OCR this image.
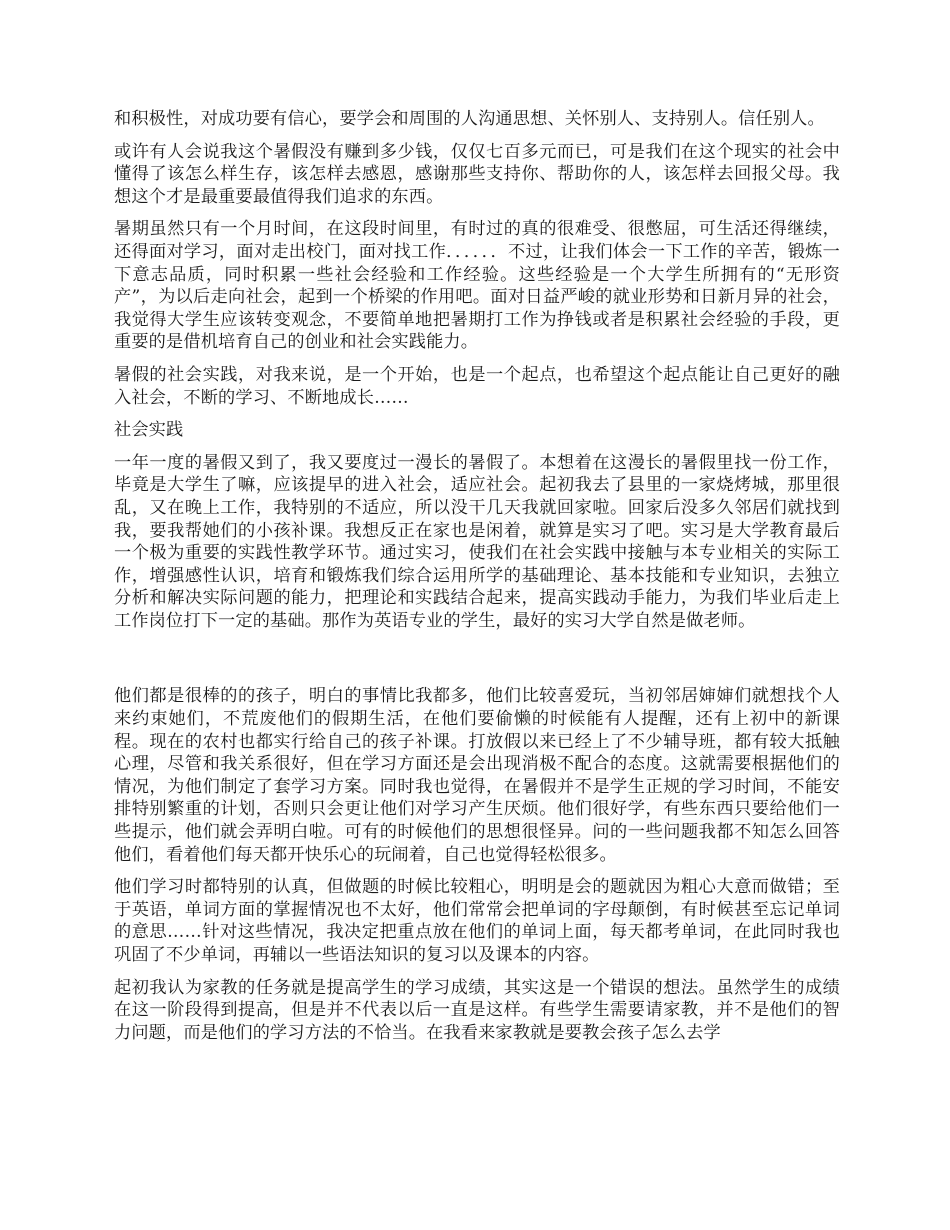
和积极性，对成功要有信心，要学会和周围的人沟通思想、关怀别人、支持别人。信任别人。

或许有人会说我这个暑假没有赚到多少钱，仅仅七百多元而已，可是我们在这个现实的社会中懂得了该怎么样生存，该怎样去感恩，感谢那些支持你、帮助你的人，该怎样去回报父母。我想这个才是最重要最值得我们追求的东西。

暑期虽然只有一个月时间，在这段时间里，有时过的真的很难受、很憋屈，可生活还得继续，还得面对学习，面对走出校门，面对找工作．．．．．．不过，让我们体会一下工作的辛苦，锻炼一下意志品质，同时积累一些社会经验和工作经验。这些经验是一个大学生所拥有的“无形资产”，为以后走向社会，起到一个桥梁的作用吧。面对日益严峻的就业形势和日新月异的社会，我觉得大学生应该转变观念，不要简单地把暑期打工作为挣钱或者是积累社会经验的手段，更重要的是借机培育自己的创业和社会实践能力。

暑假的社会实践，对我来说，是一个开始，也是一个起点，也希望这个起点能让自己更好的融入社会，不断的学习、不断地成长……

社会实践

一年一度的暑假又到了，我又要度过一漫长的暑假了。本想着在这漫长的暑假里找一份工作，毕竟是大学生了嘛，应该提早的进入社会，适应社会。起初我去了县里的一家烧烤城，那里很乱，又在晚上工作，我特别的不适应，所以没干几天我就回家啦。回家后没多久邻居们就找到我，要我帮她们的小孩补课。我想反正在家也是闲着，就算是实习了吧。实习是大学教育最后一个极为重要的实践性教学环节。通过实习，使我们在社会实践中接触与本专业相关的实际工作，增强感性认识，培育和锻炼我们综合运用所学的基础理论、基本技能和专业知识，去独立分析和解决实际问题的能力，把理论和实践结合起来，提高实践动手能力，为我们毕业后走上工作岗位打下一定的基础。那作为英语专业的学生，最好的实习大学自然是做老师。

他们都是很棒的的孩子，明白的事情比我都多，他们比较喜爱玩，当初邻居婶婶们就想找个人来约束她们，不荒废他们的假期生活，在他们要偷懒的时候能有人提醒，还有上初中的新课程。现在的农村也都实行给自己的孩子补课。打放假以来已经上了不少辅导班，都有较大抵触心理，尽管和我关系很好，但在学习方面还是会出现消极不配合的态度。这就需要根据他们的情况，为他们制定了套学习方案。同时我也觉得，在暑假并不是学生正规的学习时间，不能安排特别繁重的计划，否则只会更让他们对学习产生厌烦。他们很好学，有些东西只要给他们一些提示，他们就会弄明白啦。可有的时候他们的思想很怪异。问的一些问题我都不知怎么回答他们，看着他们每天都开快乐心的玩闹着，自己也觉得轻松很多。

他们学习时都特别的认真，但做题的时候比较粗心，明明是会的题就因为粗心大意而做错；至于英语，单词方面的掌握情况也不太好，他们常常会把单词的字母颠倒，有时候甚至忘记单词的意思……针对这些情况，我决定把重点放在他们的单词上面，每天都考单词，在此同时我也巩固了不少单词，再辅以一些语法知识的复习以及课本的内容。

起初我认为家教的任务就是提高学生的学习成绩，其实这是一个错误的想法。虽然学生的成绩在这一阶段得到提高，但是并不代表以后一直是这样。有些学生需要请家教，并不是他们的智力问题，而是他们的学习方法的不恰当。在我看来家教就是要教会孩子怎么去学
